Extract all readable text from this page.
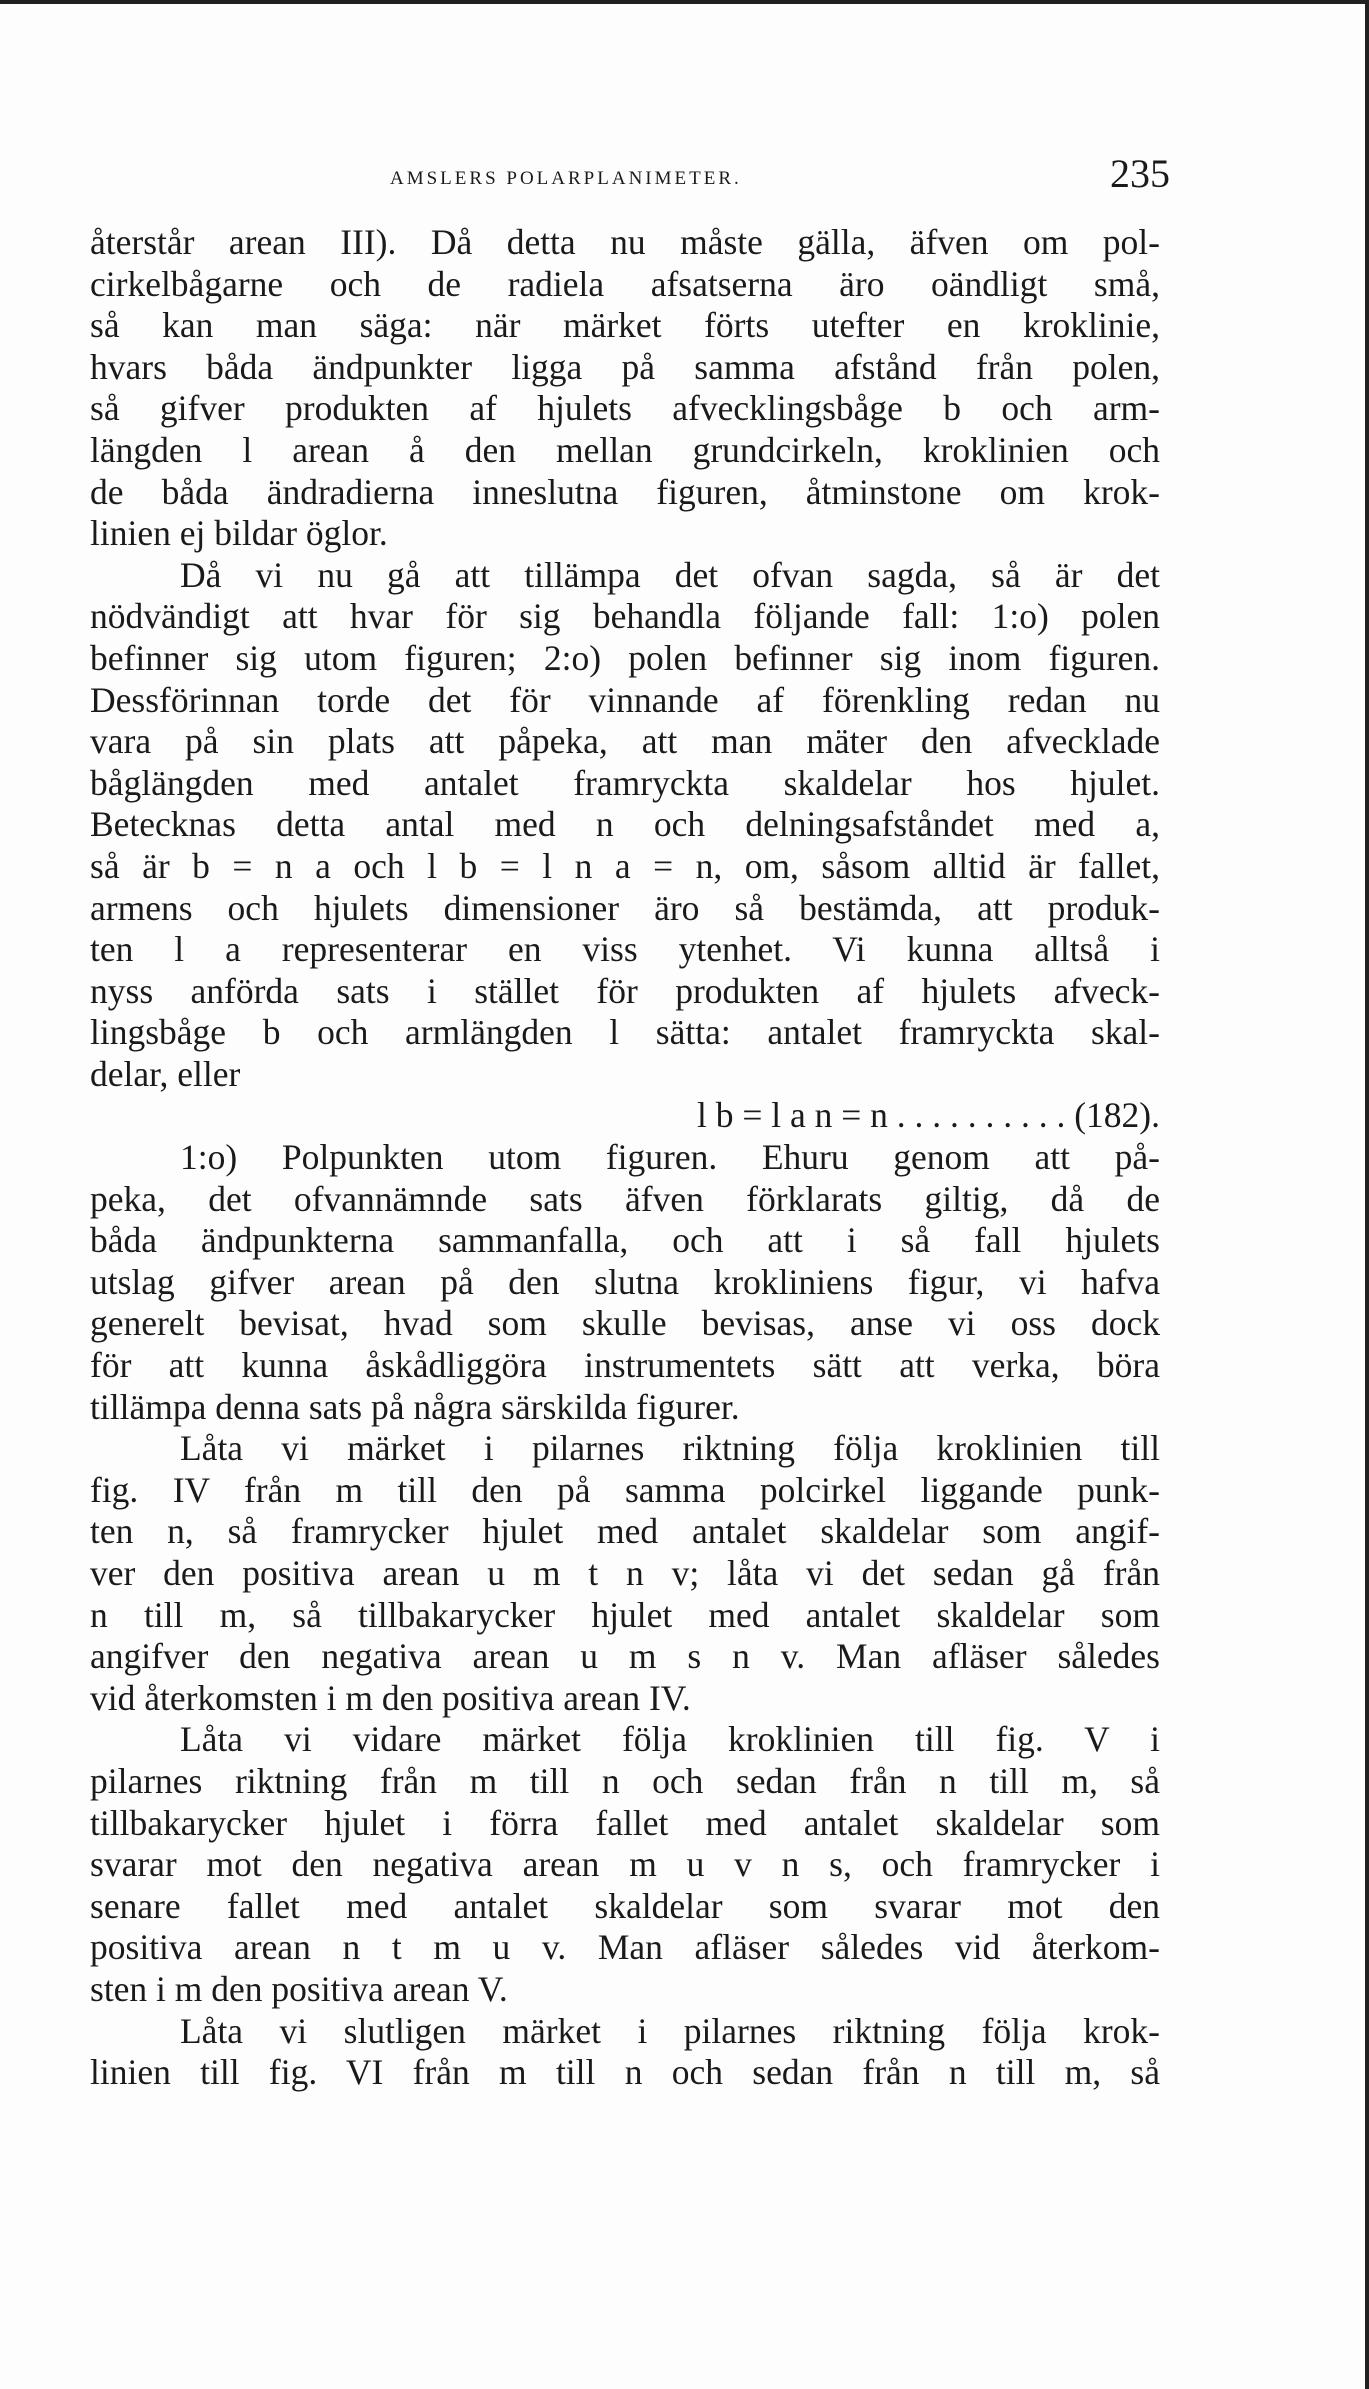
AMSLERS POLARPLANIMETER.	235
återstår arean III). Då detta nu måste gälla, äfven om pol-
cirkelbågarne och de radiela afsatserna äro oändligt små,
så kan man säga: när märket förts utefter en kroklinie,
hvars båda ändpunkter ligga på samma afstånd från polen,
så gifver produkten af hjulets afvecklingsbåge b och arm-
längden l arean å den mellan grundcirkeln, kroklinien och
de båda ändradierna inneslutna figuren, åtminstone om krok-
linien ej bildar öglor.
Då vi nu gå att tillämpa det ofvan sagda, så är det
nödvändigt att hvar för sig behandla följande fall: 1:o) polen
befinner sig utom figuren; 2:o) polen befinner sig inom figuren.
Dessförinnan torde det för vinnande af förenkling redan nu
vara på sin plats att påpeka, att man mäter den afvecklade
båglängden med antalet framryckta skaldelar hos hjulet.
Betecknas detta antal med n och delningsafståndet med a,
så är b = n a och l b = l n a = n, om, såsom alltid är fallet,
armens och hjulets dimensioner äro så bestämda, att produk-
ten l a representerar en viss ytenhet. Vi kunna alltså i
nyss anförda sats i stället för produkten af hjulets afveck-
lingsbåge b och armlängden l sätta: antalet framryckta skal-
delar, eller
l b = l a n = n . . . . . . . . . . (182).
1:o) Polpunkten utom figuren. Ehuru genom att på-
peka, det ofvannämnde sats äfven förklarats giltig, då de
båda ändpunkterna sammanfalla, och att i så fall hjulets
utslag gifver arean på den slutna krokliniens figur, vi hafva
generelt bevisat, hvad som skulle bevisas, anse vi oss dock
för att kunna åskådliggöra instrumentets sätt att verka, böra
tillämpa denna sats på några särskilda figurer.
Låta vi märket i pilarnes riktning följa kroklinien till
fig. IV från m till den på samma polcirkel liggande punk-
ten n, så framrycker hjulet med antalet skaldelar som angif-
ver den positiva arean u m t n v; låta vi det sedan gå från
n till m, så tillbakarycker hjulet med antalet skaldelar som
angifver den negativa arean u m s n v. Man afläser således
vid återkomsten i m den positiva arean IV.
Låta vi vidare märket följa kroklinien till fig. V i
pilarnes riktning från m till n och sedan från n till m, så
tillbakarycker hjulet i förra fallet med antalet skaldelar som
svarar mot den negativa arean m u v n s, och framrycker i
senare fallet med antalet skaldelar som svarar mot den
positiva arean n t m u v. Man afläser således vid återkom-
sten i m den positiva arean V.
Låta vi slutligen märket i pilarnes riktning följa krok-
linien till fig. VI från m till n och sedan från n till m, så
